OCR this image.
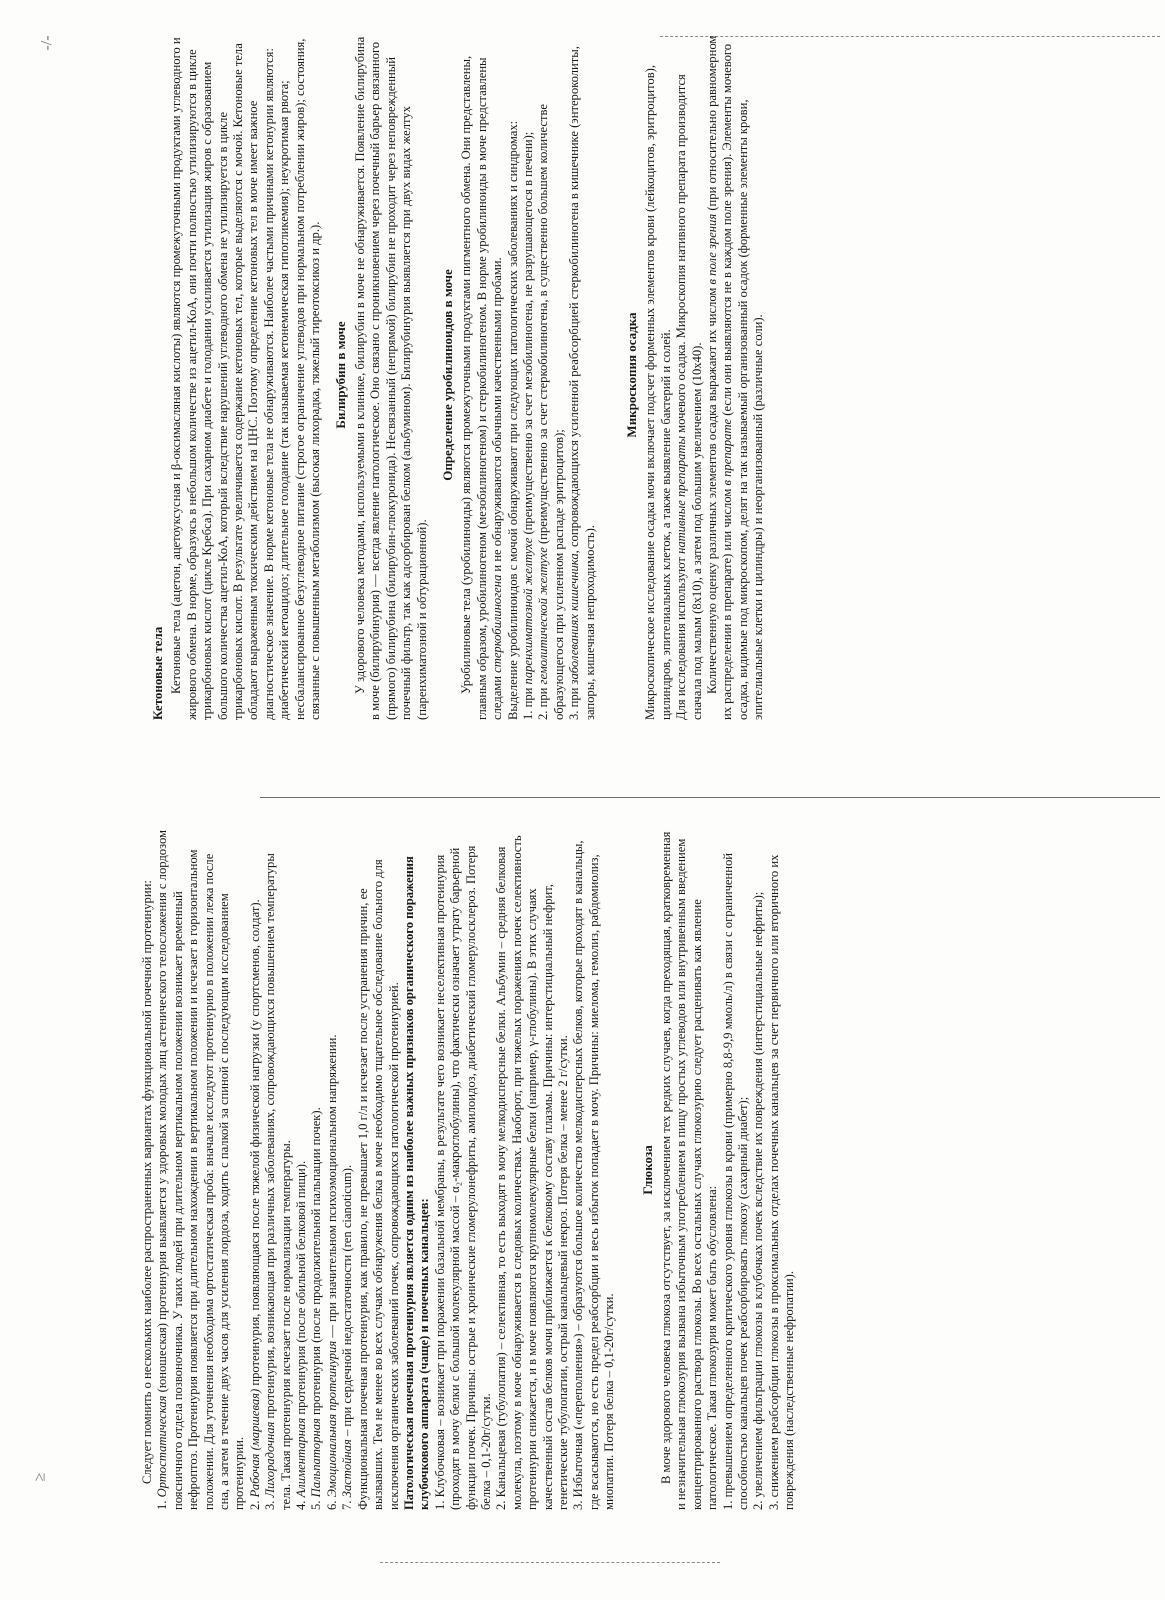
-/-
≥
Кетоновые тела Кетоновые тела (ацетон, ацетоуксусная и β-оксимасляная кислоты) являются промежуточными продуктами углеводного и жирового обмена. В норме, образуясь в небольшом количестве из ацетил-КоА, они почти полностью утилизируются в цикле трикарбоновых кислот (цикле Кребса). При сахарном диабете и голодании усиливается утилизация жиров с образованием большого количества ацетил-КоА, который вследствие нарушений углеводного обмена не утилизируется в цикле трикарбоновых кислот. В результате увеличивается содержание кетоновых тел, которые выделяются с мочой. Кетоновые тела обладают выраженным токсическим действием на ЦНС. Поэтому определение кетоновых тел в моче имеет важное диагностическое значение. В норме кетоновые тела не обнаруживаются. Наиболее частыми причинами кетонурии являются: диабетический кетоацидоз; длительное голодание (так называемая кетонемическая гипогликемия); неукротимая рвота; несбалансированное безуглеводное питание (строгое ограничение углеводов при нормальном потреблении жиров); состояния, связанные с повышенным метаболизмом (высокая лихорадка, тяжелый тиреотоксикоз и др.). Билирубин в моче У здорового человека методами, используемыми в клинике, билирубин в моче не обнаруживается. Появление билирубина в моче (билирубинурия) — всегда явление патологическое. Оно связано с проникновением через почечный барьер связанного (прямого) билирубина (билирубин-глюкуронида). Несвязанный (непрямой) билирубин не проходит через неповрежденный почечный фильтр, так как адсорбирован белком (альбумином). Билирубинурия выявляется при двух видах желтух (паренхиматозной и обтурационной).

Определение уробилиноидов в моче Уробилиновые тела (уробилиноиды) являются промежуточными продуктами пигментного обмена. Они представлены, главным образом, уробилиногеном (мезобилиногеном) и стеркобилиногеном. В норме уробилиноиды в моче представлены следами стеркобилиногена и не обнаруживаются обычными качественными пробами. Выделение уробилиноидов с мочой обнаруживают при следующих патологических заболеваниях и синдромах: 1. при паренхиматозной желтухе (преимущественно за счет мезобилиногена, не разрушающегося в печени);
2. при гемолитической желтухе (преимущественно за счет стеркобилиногена, в существенно большем количестве образующегося при усиленном распаде эритроцитов); 3. при заболеваниях кишечника, сопровождающихся усиленной реабсорбцией стеркобилиногена в кишечнике (энтероколиты, запоры, кишечная непроходимость).
Микроскопия осадка Микроскопическое исследование осадка мочи включает подсчет форменных элементов крови (лейкоцитов, эритроцитов), цилиндров, эпителиальных клеток, а также выявление бактерий и солей. Для исследования используют нативные препараты мочевого осадка. Микроскопия нативного препарата производится сначала под малым (8x10), а затем под большим увеличением (10x40). Количественную оценку различных элементов осадка выражают их числом в поле зрения (при относительно равномерном их распределении в препарате) или числом в препарате (если они выявляются не в каждом поле зрения). Элементы мочевого осадка, видимые под микроскопом, делят на так называемый организованный осадок (форменные элементы крови, эпителиальные клетки и цилиндры) и неорганизованный (различные соли).

Следует помнить о нескольких наиболее распространенных вариантах функциональной почечной протеинурии:

1. Ортостатическая (юношеская) протеинурия выявляется у здоровых молодых лиц астенического телосложения с лордозом поясничного отдела позвоночника. У таких людей при длительном вертикальном положении возникает временный нефроптоз. Протеинурия появляется при длительном нахождении в вертикальном положении и исчезает в горизонтальном положении. Для уточнения необходима ортостатическая проба: вначале исследуют протеинурию в положении лежа после сна, а затем в течение двух часов для усиления лордоза, ходить с палкой за спиной с последующим исследованием протеинурии. 2. Рабочая (маршевая) протеинурия, появляющаяся после тяжелой физической нагрузки (у спортсменов, солдат).

3. Лихорадочная протеинурия, возникающая при различных заболеваниях, сопровождающихся повышением температуры тела. Такая протеинурия исчезает после нормализации температуры. 4. Алиментарная протеинурия (после обильной белковой пищи).

5. Пальпаторная протеинурия (после продолжительной пальпации почек).

6. Эмоциональная протеинурия — при значительном психоэмоциональном напряжении.

7. Застойная – при сердечной недостаточности (ren cianoticum). Функциональная почечная протеинурия, как правило, не превышает 1,0 г/л и исчезает после устранения причин, ее вызвавших. Тем не менее во всех случаях обнаружения белка в моче необходимо тщательное обследование больного для исключения органических заболеваний почек, сопровождающихся патологической протеинурией. Патологическая почечная протеинурия является одним из наиболее важных признаков органического поражения клубочкового аппарата (чаще) и почечных канальцев: 1. Клубочковая – возникает при поражении базальной мембраны, в результате чего возникает неселективная протеинурия (проходят в мочу белки с большой молекулярной массой – α₂-макроглобулины), что фактически означает утрату барьерной функции почек. Причины: острые и хронические гломерулонефриты, амилоидоз, диабетический гломерулосклероз. Потеря белка – 0,1-20г/сутки. 2. Канальцевая (тубулопатия) – селективная, то есть выходят в мочу мелкодисперсные белки. Альбумин – средняя белковая молекула, поэтому в моче обнаруживается в следовых количествах. Наоборот, при тяжелых поражениях почек селективность протеинурии снижается, и в моче появляются крупномолекулярные белки (например, γ-глобулины). В этих случаях качественный состав белков мочи приближается к белковому составу плазмы. Причины: интерстициальный нефрит, генетические тубулопатии, острый канальцевый некроз. Потеря белка – менее 2 г/сутки. 3. Избыточная («переполнения») – образуются большое количество мелкодисперсных белков, которые проходят в канальцы, где всасываются, но есть предел реабсорбции и весь избыток попадает в мочу. Причины: миелома, гемолиз, рабдомиолиз, миопатии. Потеря белка – 0,1-20г/сутки.

Глюкоза В моче здорового человека глюкоза отсутствует, за исключением тех редких случаев, когда преходящая, кратковременная и незначительная глюкозурия вызвана избыточным употреблением в пищу простых углеводов или внутривенным введением концентрированного раствора глюкозы. Во всех остальных случаях глюкозурию следует расценивать как явление патологическое. Такая глюкозурия может быть обусловлена: 1. превышением определенного критического уровня глюкозы в крови (примерно 8,8-9,9 ммоль/л) в связи с ограниченной способностью канальцев почек реабсорбировать глюкозу (сахарный диабет); 2. увеличением фильтрации глюкозы в клубочках почек вследствие их повреждения (интерстициальные нефриты);

3. снижением реабсорбции глюкозы в проксимальных отделах почечных канальцев за счет первичного или вторичного их повреждения (наследственные нефропатии).
